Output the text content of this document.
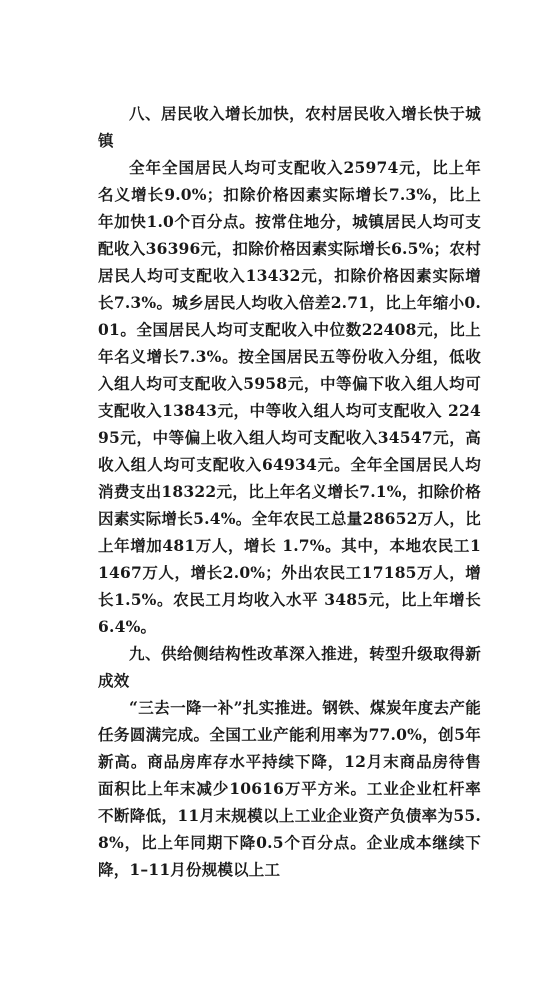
八、居民收入增长加快，农村居民收入增长快于城镇

全年全国居民人均可支配收入25974元，比上年名义增长9.0%；扣除价格因素实际增长7.3%，比上年加快1.0个百分点。按常住地分，城镇居民人均可支配收入36396元，扣除价格因素实际增长6.5%；农村居民人均可支配收入13432元，扣除价格因素实际增长7.3%。城乡居民人均收入倍差2.71，比上年缩小0.01。全国居民人均可支配收入中位数22408元，比上年名义增长7.3%。按全国居民五等份收入分组，低收入组人均可支配收入5958元，中等偏下收入组人均可支配收入13843元，中等收入组人均可支配收入 22495元，中等偏上收入组人均可支配收入34547元，高收入组人均可支配收入64934元。全年全国居民人均消费支出18322元，比上年名义增长7.1%，扣除价格因素实际增长5.4%。全年农民工总量28652万人，比上年增加481万人，增长 1.7%。其中，本地农民工11467万人，增长2.0%；外出农民工17185万人，增长1.5%。农民工月均收入水平 3485元，比上年增长6.4%。

九、供给侧结构性改革深入推进，转型升级取得新成效

“三去一降一补”扎实推进。钢铁、煤炭年度去产能任务圆满完成。全国工业产能利用率为77.0%，创5年新高。商品房库存水平持续下降，12月末商品房待售面积比上年末减少10616万平方米。工业企业杠杆率不断降低，11月末规模以上工业企业资产负债率为55.8%，比上年同期下降0.5个百分点。企业成本继续下降，1–11月份规模以上工
